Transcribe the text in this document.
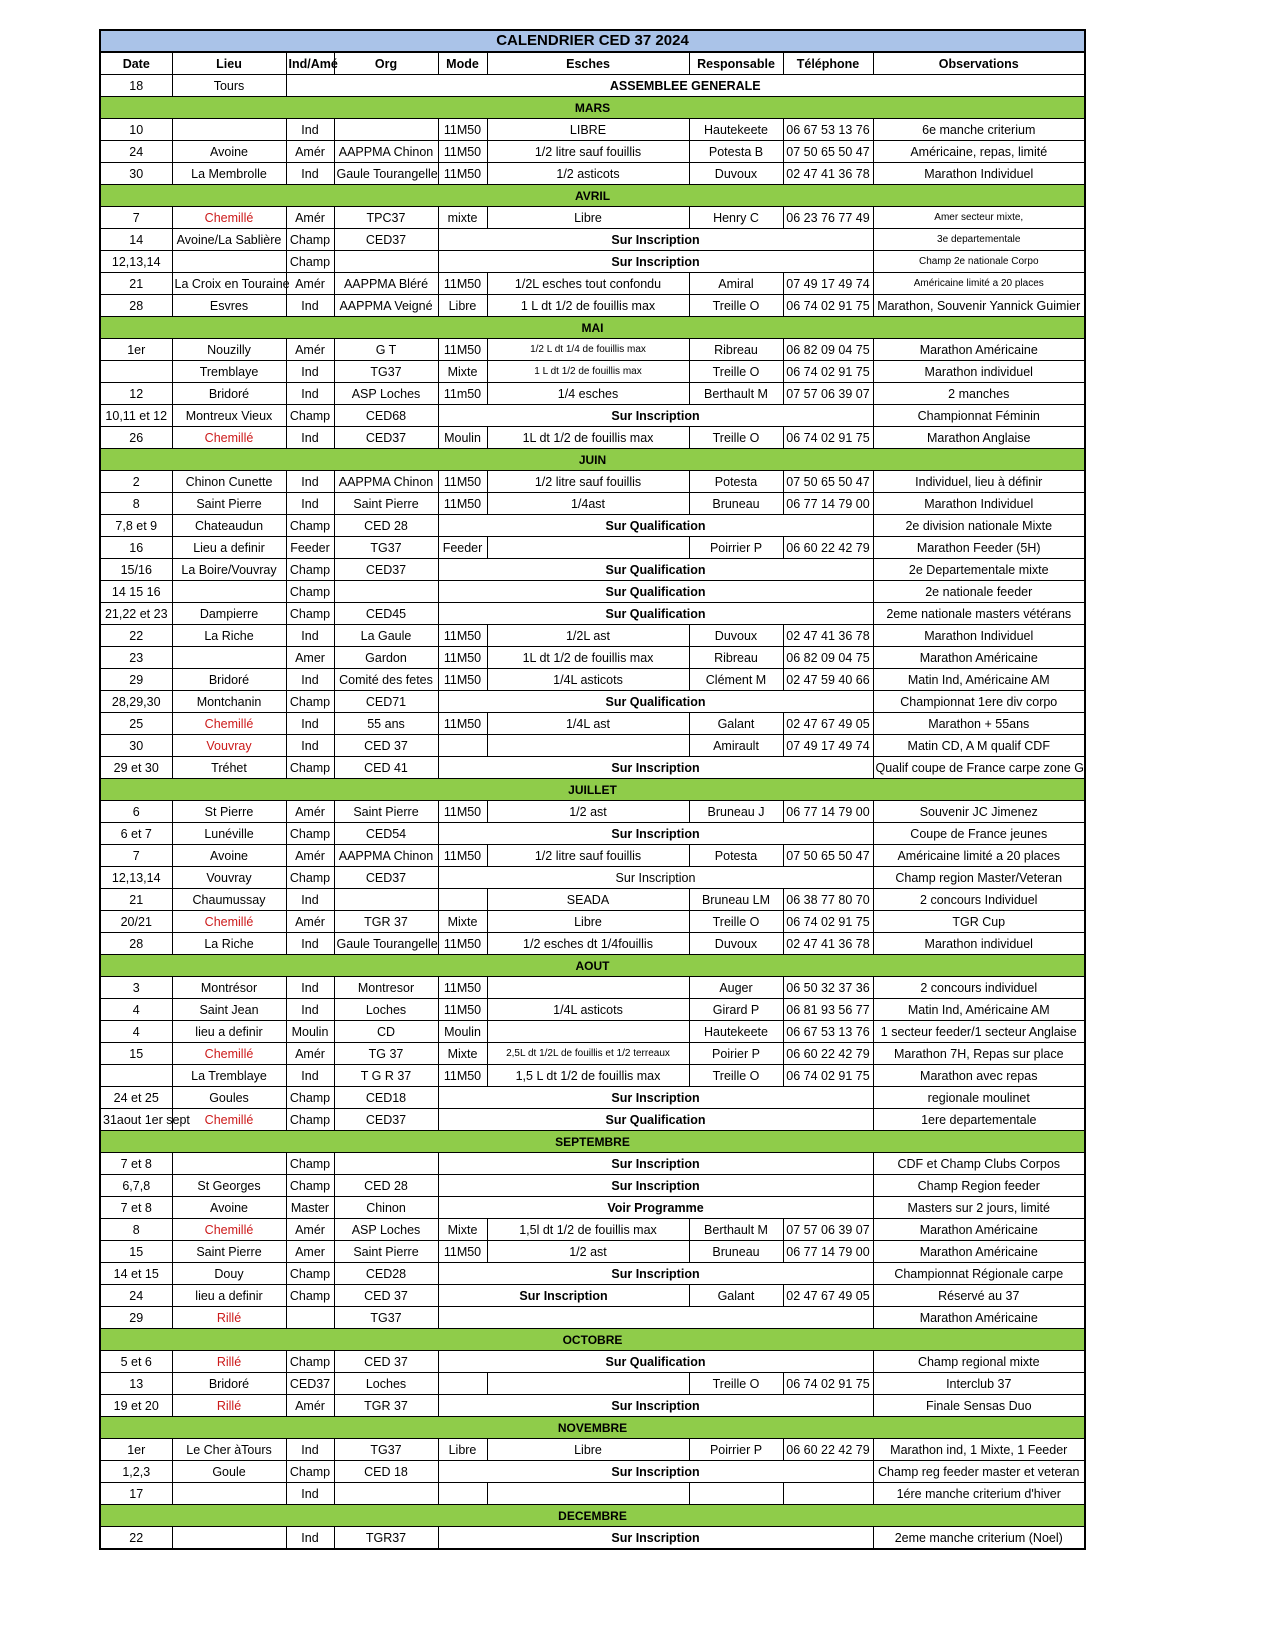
CALENDRIER CED 37 2024								
Date	Lieu	Ind/Amé	Org	Mode	Esches	Responsable	Téléphone	Observations
18	Tours	ASSEMBLEE GENERALE						
MARS								
10		Ind		11M50	LIBRE	Hautekeete	06 67 53 13 76	6e manche criterium
24	Avoine	Amér	AAPPMA Chinon	11M50	1/2 litre sauf fouillis	Potesta B	07 50 65 50 47	Américaine, repas, limité
30	La Membrolle	Ind	Gaule Tourangelle	11M50	1/2 asticots	Duvoux	02 47 41 36 78	Marathon Individuel
AVRIL								
7	Chemillé	Amér	TPC37	mixte	Libre	Henry C	06 23 76 77 49	Amer secteur mixte,
14	Avoine/La Sablière	Champ	CED37	Sur Inscription				3e departementale
12,13,14		Champ		Sur Inscription				Champ 2e nationale Corpo
21	La Croix en Touraine	Amér	AAPPMA Bléré	11M50	1/2L esches tout confondu	Amiral	07 49 17 49 74	Américaine limité a 20 places
28	Esvres	Ind	AAPPMA Veigné	Libre	1 L dt 1/2 de fouillis max	Treille O	06 74 02 91 75	Marathon, Souvenir Yannick Guimier
MAI								
1er	Nouzilly	Amér	G T	11M50	1/2 L dt 1/4 de fouillis max	Ribreau	06 82 09 04 75	Marathon Américaine
	Tremblaye	Ind	TG37	Mixte	1 L dt 1/2 de fouillis max	Treille O	06 74 02 91 75	Marathon individuel
12	Bridoré	Ind	ASP Loches	11m50	1/4 esches	Berthault M	07 57 06 39 07	2 manches
10,11 et 12	Montreux Vieux	Champ	CED68	Sur Inscription				Championnat Féminin
26	Chemillé	Ind	CED37	Moulin	1L dt 1/2 de fouillis max	Treille O	06 74 02 91 75	Marathon Anglaise
JUIN								
2	Chinon Cunette	Ind	AAPPMA Chinon	11M50	1/2 litre sauf fouillis	Potesta	07 50 65 50 47	Individuel, lieu à définir
8	Saint Pierre	Ind	Saint Pierre	11M50	1/4ast	Bruneau	06 77 14 79 00	Marathon Individuel
7,8 et 9	Chateaudun	Champ	CED 28	Sur Qualification				2e division nationale Mixte
16	Lieu a definir	Feeder	TG37	Feeder		Poirrier P	06 60 22 42 79	Marathon Feeder (5H)
15/16	La Boire/Vouvray	Champ	CED37	Sur Qualification				2e Departementale mixte
14 15 16		Champ		Sur Qualification				2e nationale feeder
21,22 et 23	Dampierre	Champ	CED45	Sur Qualification				2eme nationale masters vétérans
22	La Riche	Ind	La Gaule	11M50	1/2L ast	Duvoux	02 47 41 36 78	Marathon Individuel
23		Amer	Gardon	11M50	1L dt 1/2 de fouillis max	Ribreau	06 82 09 04 75	Marathon Américaine
29	Bridoré	Ind	Comité des fetes	11M50	1/4L asticots	Clément M	02 47 59 40 66	Matin Ind, Américaine AM
28,29,30	Montchanin	Champ	CED71	Sur Qualification				Championnat 1ere div corpo
25	Chemillé	Ind	55 ans	11M50	1/4L ast	Galant	02 47 67 49 05	Marathon + 55ans
30	Vouvray	Ind	CED 37			Amirault	07 49 17 49 74	Matin CD, A M qualif CDF
29 et 30	Tréhet	Champ	CED 41	Sur Inscription				Qualif coupe de France carpe zone G
JUILLET								
6	St Pierre	Amér	Saint Pierre	11M50	1/2 ast	Bruneau J	06 77 14 79 00	Souvenir JC Jimenez
6 et 7	Lunéville	Champ	CED54	Sur Inscription				Coupe de France jeunes
7	Avoine	Amér	AAPPMA Chinon	11M50	1/2 litre sauf fouillis	Potesta	07 50 65 50 47	Américaine limité a 20 places
12,13,14	Vouvray	Champ	CED37	Sur Inscription				Champ region Master/Veteran
21	Chaumussay	Ind			SEADA	Bruneau LM	06 38 77 80 70	2 concours Individuel
20/21	Chemillé	Amér	TGR 37	Mixte	Libre	Treille O	06 74 02 91 75	TGR Cup
28	La Riche	Ind	Gaule Tourangelle	11M50	1/2 esches dt 1/4fouillis	Duvoux	02 47 41 36 78	Marathon individuel
AOUT								
3	Montrésor	Ind	Montresor	11M50		Auger	06 50 32 37 36	2 concours individuel
4	Saint Jean	Ind	Loches	11M50	1/4L asticots	Girard P	06 81 93 56 77	Matin Ind, Américaine AM
4	lieu a definir	Moulin	CD	Moulin		Hautekeete	06 67 53 13 76	1 secteur feeder/1 secteur Anglaise
15	Chemillé	Amér	TG 37	Mixte	2,5L dt 1/2L de fouillis et 1/2 terreaux	Poirier P	06 60 22 42 79	Marathon 7H, Repas sur place
	La Tremblaye	Ind	T G R 37	11M50	1,5 L dt 1/2 de fouillis max	Treille O	06 74 02 91 75	Marathon avec repas
24 et 25	Goules	Champ	CED18	Sur Inscription				regionale moulinet
31aout 1er sept	Chemillé	Champ	CED37	Sur Qualification				1ere departementale
SEPTEMBRE								
7 et 8		Champ		Sur Inscription				CDF et Champ Clubs Corpos
6,7,8	St Georges	Champ	CED 28	Sur Inscription				Champ Region feeder
7 et 8	Avoine	Master	Chinon	Voir Programme				Masters sur 2 jours, limité
8	Chemillé	Amér	ASP Loches	Mixte	1,5l dt 1/2 de fouillis max	Berthault M	07 57 06 39 07	Marathon Américaine
15	Saint Pierre	Amer	Saint Pierre	11M50	1/2 ast	Bruneau	06 77 14 79 00	Marathon Américaine
14 et 15	Douy	Champ	CED28	Sur Inscription				Championnat Régionale carpe
24	lieu a definir	Champ	CED 37	Sur Inscription		Galant	02 47 67 49 05	Réservé au 37
29	Rillé		TG37					Marathon Américaine
OCTOBRE								
5 et 6	Rillé	Champ	CED 37	Sur Qualification				Champ regional mixte
13	Bridoré	CED37	Loches			Treille O	06 74 02 91 75	Interclub 37
19 et 20	Rillé	Amér	TGR 37	Sur Inscription				Finale Sensas Duo
NOVEMBRE								
1er	Le Cher àTours	Ind	TG37	Libre	Libre	Poirrier P	06 60 22 42 79	Marathon ind, 1 Mixte, 1 Feeder
1,2,3	Goule	Champ	CED 18	Sur Inscription				Champ reg feeder master et veteran
17		Ind						1ére manche criterium d'hiver
DECEMBRE								
22		Ind	TGR37	Sur Inscription				2eme manche criterium (Noel)
